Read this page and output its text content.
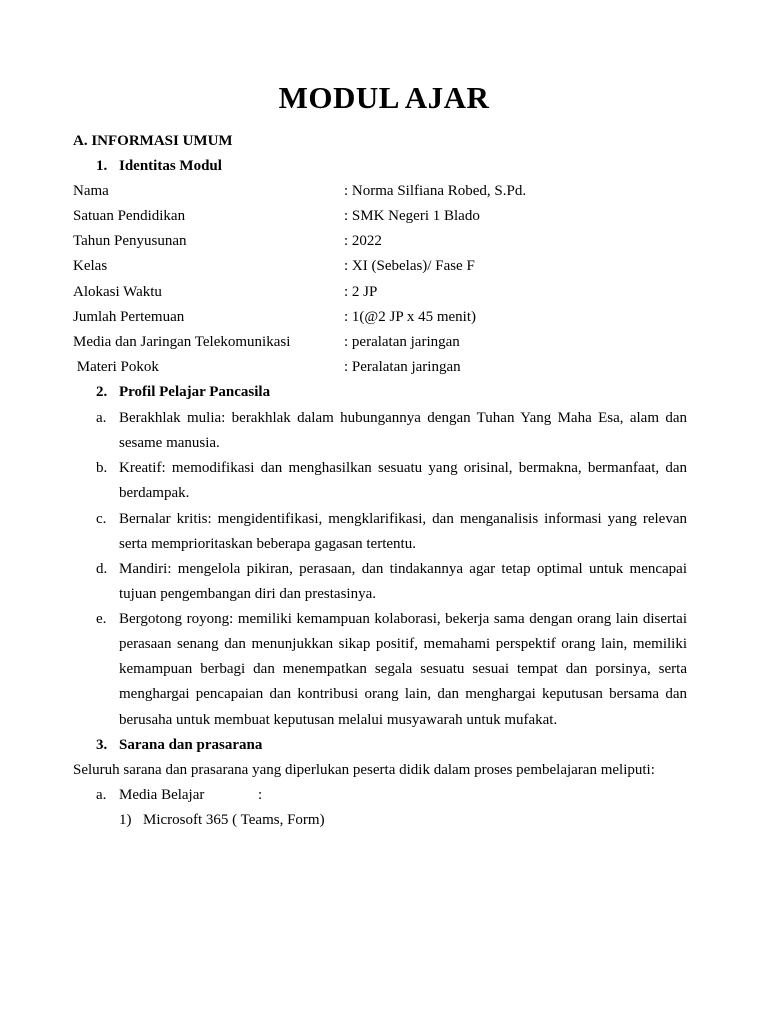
MODUL AJAR
A. INFORMASI UMUM
1. Identitas Modul
Nama	: Norma Silfiana Robed, S.Pd.
Satuan Pendidikan	: SMK Negeri 1 Blado
Tahun Penyusunan	: 2022
Kelas	: XI (Sebelas)/ Fase F
Alokasi Waktu	: 2 JP
Jumlah Pertemuan	: 1(@2 JP x 45 menit)
Media dan Jaringan Telekomunikasi	: peralatan jaringan
Materi Pokok	: Peralatan jaringan
2. Profil Pelajar Pancasila
a. Berakhlak mulia: berakhlak dalam hubungannya dengan Tuhan Yang Maha Esa, alam dan
sesame manusia.
b. Kreatif: memodifikasi dan menghasilkan sesuatu yang orisinal, bermakna, bermanfaat, dan
berdampak.
c. Bernalar kritis: mengidentifikasi, mengklarifikasi, dan menganalisis informasi yang relevan
serta memprioritaskan beberapa gagasan tertentu.
d. Mandiri: mengelola pikiran, perasaan, dan tindakannya agar tetap optimal untuk mencapai
tujuan pengembangan diri dan prestasinya.
e. Bergotong royong: memiliki kemampuan kolaborasi, bekerja sama dengan orang lain disertai
perasaan senang dan menunjukkan sikap positif, memahami perspektif orang lain, memiliki
kemampuan berbagi dan menempatkan segala sesuatu sesuai tempat dan porsinya, serta
menghargai pencapaian dan kontribusi orang lain, dan menghargai keputusan bersama dan
berusaha untuk membuat keputusan melalui musyawarah untuk mufakat.
3. Sarana dan prasarana
Seluruh sarana dan prasarana yang diperlukan peserta didik dalam proses pembelajaran meliputi:
a. Media Belajar	:
1) Microsoft 365 ( Teams, Form)
